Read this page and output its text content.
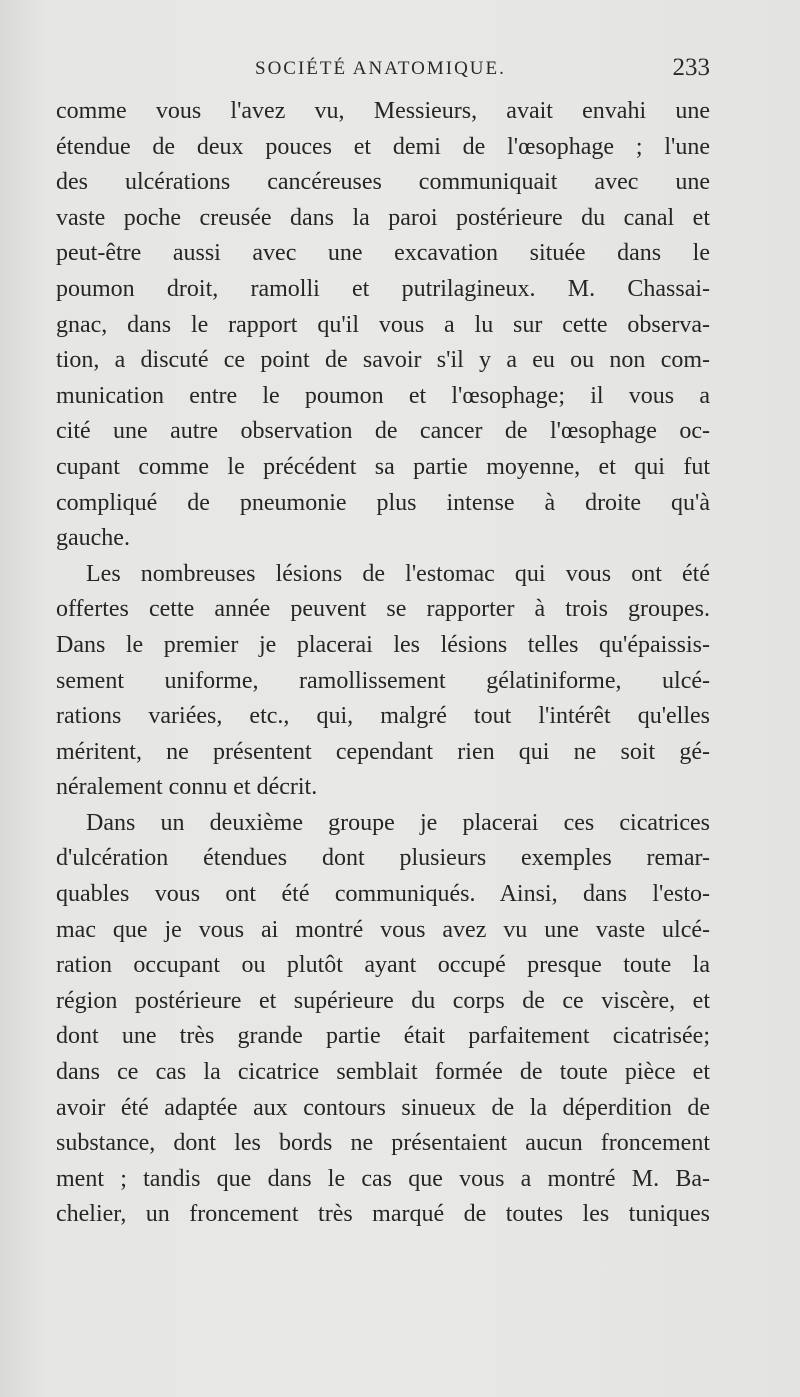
SOCIÉTÉ ANATOMIQUE.	233
comme vous l'avez vu, Messieurs, avait envahi une
étendue de deux pouces et demi de l'œsophage ; l'une
des ulcérations cancéreuses communiquait avec une
vaste poche creusée dans la paroi postérieure du canal et
peut-être aussi avec une excavation située dans le
poumon droit, ramolli et putrilagineux. M. Chassai-
gnac, dans le rapport qu'il vous a lu sur cette observa-
tion, a discuté ce point de savoir s'il y a eu ou non com-
munication entre le poumon et l'œsophage; il vous a
cité une autre observation de cancer de l'œsophage oc-
cupant comme le précédent sa partie moyenne, et qui fut
compliqué de pneumonie plus intense à droite qu'à
gauche.
Les nombreuses lésions de l'estomac qui vous ont été
offertes cette année peuvent se rapporter à trois groupes.
Dans le premier je placerai les lésions telles qu'épaissis-
sement uniforme, ramollissement gélatiniforme, ulcé-
rations variées, etc., qui, malgré tout l'intérêt qu'elles
méritent, ne présentent cependant rien qui ne soit gé-
néralement connu et décrit.
Dans un deuxième groupe je placerai ces cicatrices
d'ulcération étendues dont plusieurs exemples remar-
quables vous ont été communiqués. Ainsi, dans l'esto-
mac que je vous ai montré vous avez vu une vaste ulcé-
ration occupant ou plutôt ayant occupé presque toute la
région postérieure et supérieure du corps de ce viscère, et
dont une très grande partie était parfaitement cicatrisée;
dans ce cas la cicatrice semblait formée de toute pièce et
avoir été adaptée aux contours sinueux de la déperdition de
substance, dont les bords ne présentaient aucun froncement
ment ; tandis que dans le cas que vous a montré M. Ba-
chelier, un froncement très marqué de toutes les tuniques
